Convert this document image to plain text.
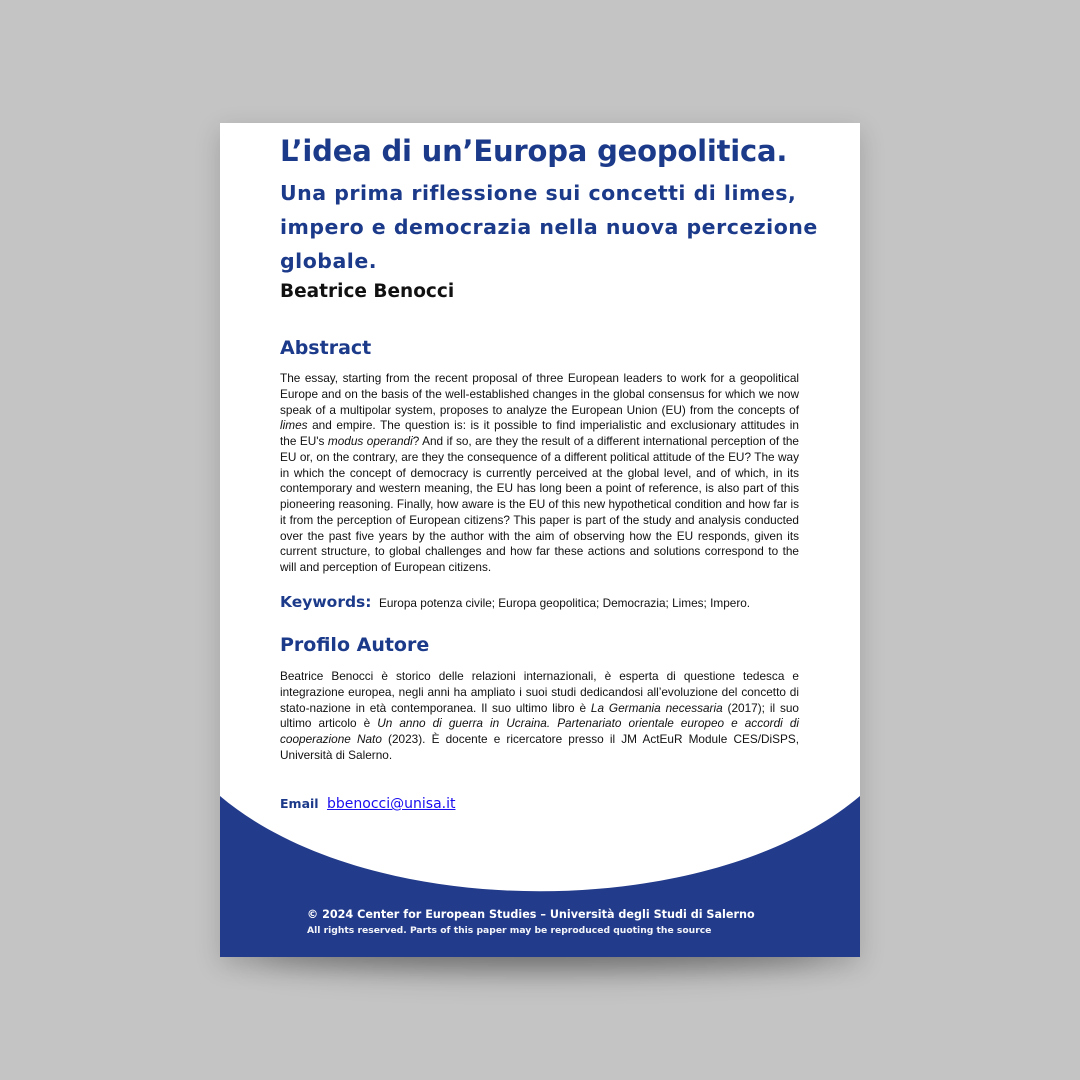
L’idea di un’Europa geopolitica.

Una prima riflessione sui concetti di limes, impero e democrazia nella nuova percezione globale.

Beatrice Benocci
Abstract

The essay, starting from the recent proposal of three European leaders to work for a geopolitical Europe and on the basis of the well-established changes in the global consensus for which we now speak of a multipolar system, proposes to analyze the European Union (EU) from the concepts of limes and empire. The question is: is it possible to find imperialistic and exclusionary attitudes in the EU's modus operandi? And if so, are they the result of a different international perception of the EU or, on the contrary, are they the consequence of a different political attitude of the EU? The way in which the concept of democracy is currently perceived at the global level, and of which, in its contemporary and western meaning, the EU has long been a point of reference, is also part of this pioneering reasoning. Finally, how aware is the EU of this new hypothetical condition and how far is it from the perception of European citizens? This paper is part of the study and analysis conducted over the past five years by the author with the aim of observing how the EU responds, given its current structure, to global challenges and how far these actions and solutions correspond to the will and perception of European citizens.

Keywords: Europa potenza civile; Europa geopolitica; Democrazia; Limes; Impero.
Profilo Autore

Beatrice Benocci è storico delle relazioni internazionali, è esperta di questione tedesca e integrazione europea, negli anni ha ampliato i suoi studi dedicandosi all’evoluzione del concetto di stato-nazione in età contemporanea. Il suo ultimo libro è La Germania necessaria (2017); il suo ultimo articolo è Un anno di guerra in Ucraina. Partenariato orientale europeo e accordi di cooperazione Nato (2023). È docente e ricercatore presso il JM ActEuR Module CES/DiSPS, Università di Salerno.

Email bbenocci@unisa.it
© 2024 Center for European Studies – Università degli Studi di Salerno
All rights reserved. Parts of this paper may be reproduced quoting the source
